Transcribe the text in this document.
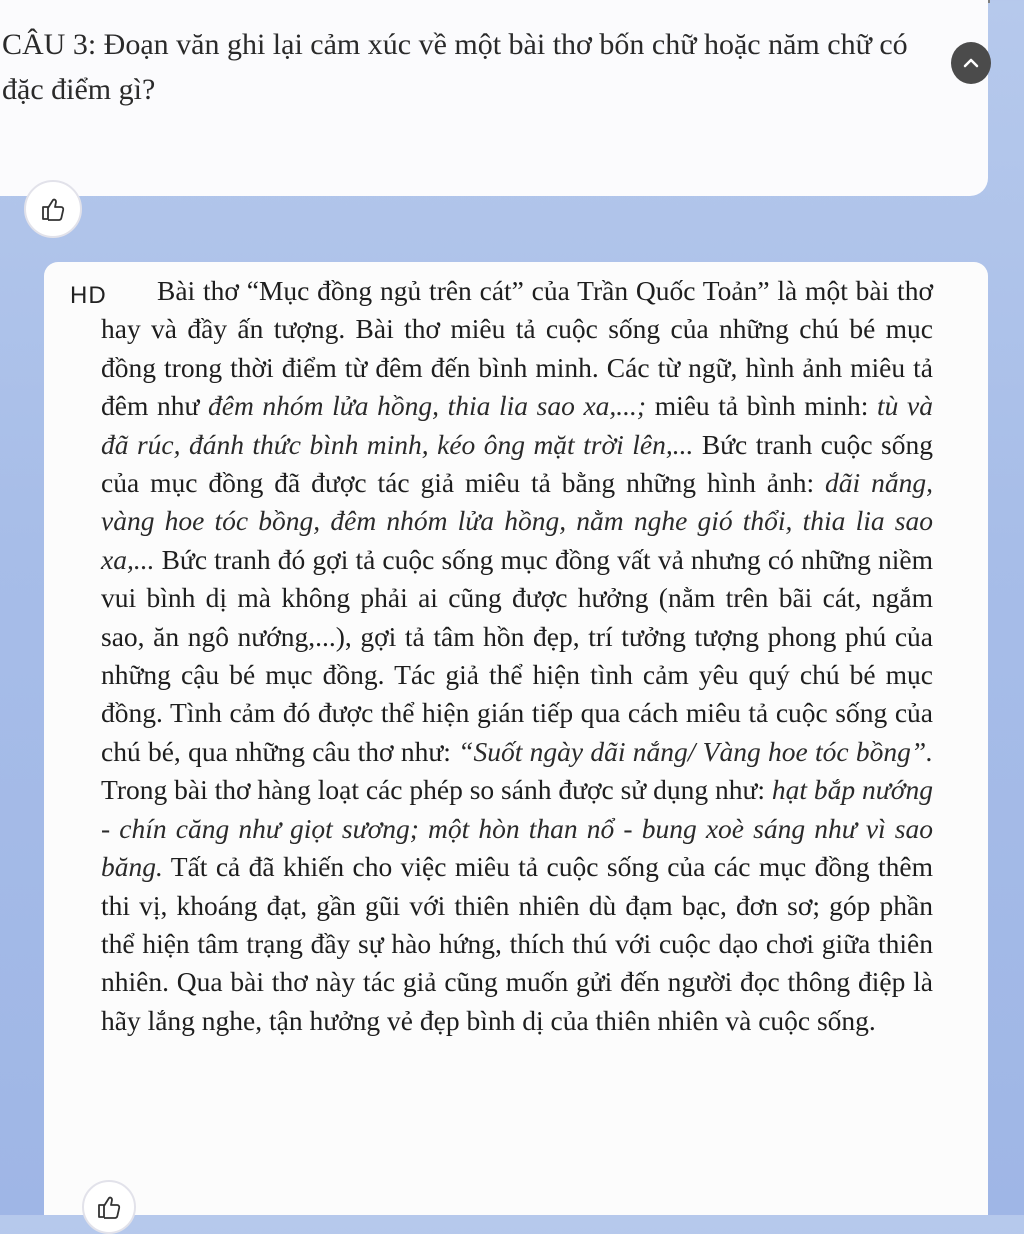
CÂU 3: Đoạn văn ghi lại cảm xúc về một bài thơ bốn chữ hoặc năm chữ có đặc điểm gì?
HD	Bài thơ “Mục đồng ngủ trên cát” của Trần Quốc Toản” là một bài thơ hay và đầy ấn tượng. Bài thơ miêu tả cuộc sống của những chú bé mục đồng trong thời điểm từ đêm đến bình minh. Các từ ngữ, hình ảnh miêu tả đêm như đêm nhóm lửa hồng, thia lia sao xa,...; miêu tả bình minh: tù và đã rúc, đánh thức bình minh, kéo ông mặt trời lên,... Bức tranh cuộc sống của mục đồng đã được tác giả miêu tả bằng những hình ảnh: dãi nắng, vàng hoe tóc bồng, đêm nhóm lửa hồng, nằm nghe gió thổi, thia lia sao xa,... Bức tranh đó gợi tả cuộc sống mục đồng vất vả nhưng có những niềm vui bình dị mà không phải ai cũng được hưởng (nằm trên bãi cát, ngắm sao, ăn ngô nướng,...), gợi tả tâm hồn đẹp, trí tưởng tượng phong phú của những cậu bé mục đồng. Tác giả thể hiện tình cảm yêu quý chú bé mục đồng. Tình cảm đó được thể hiện gián tiếp qua cách miêu tả cuộc sống của chú bé, qua những câu thơ như: “Suốt ngày dãi nắng/ Vàng hoe tóc bồng”. Trong bài thơ hàng loạt các phép so sánh được sử dụng như: hạt bắp nướng - chín căng như giọt sương; một hòn than nổ - bung xoè sáng như vì sao băng. Tất cả đã khiến cho việc miêu tả cuộc sống của các mục đồng thêm thi vị, khoáng đạt, gần gũi với thiên nhiên dù đạm bạc, đơn sơ; góp phần thể hiện tâm trạng đầy sự hào hứng, thích thú với cuộc dạo chơi giữa thiên nhiên. Qua bài thơ này tác giả cũng muốn gửi đến người đọc thông điệp là hãy lắng nghe, tận hưởng vẻ đẹp bình dị của thiên nhiên và cuộc sống.
